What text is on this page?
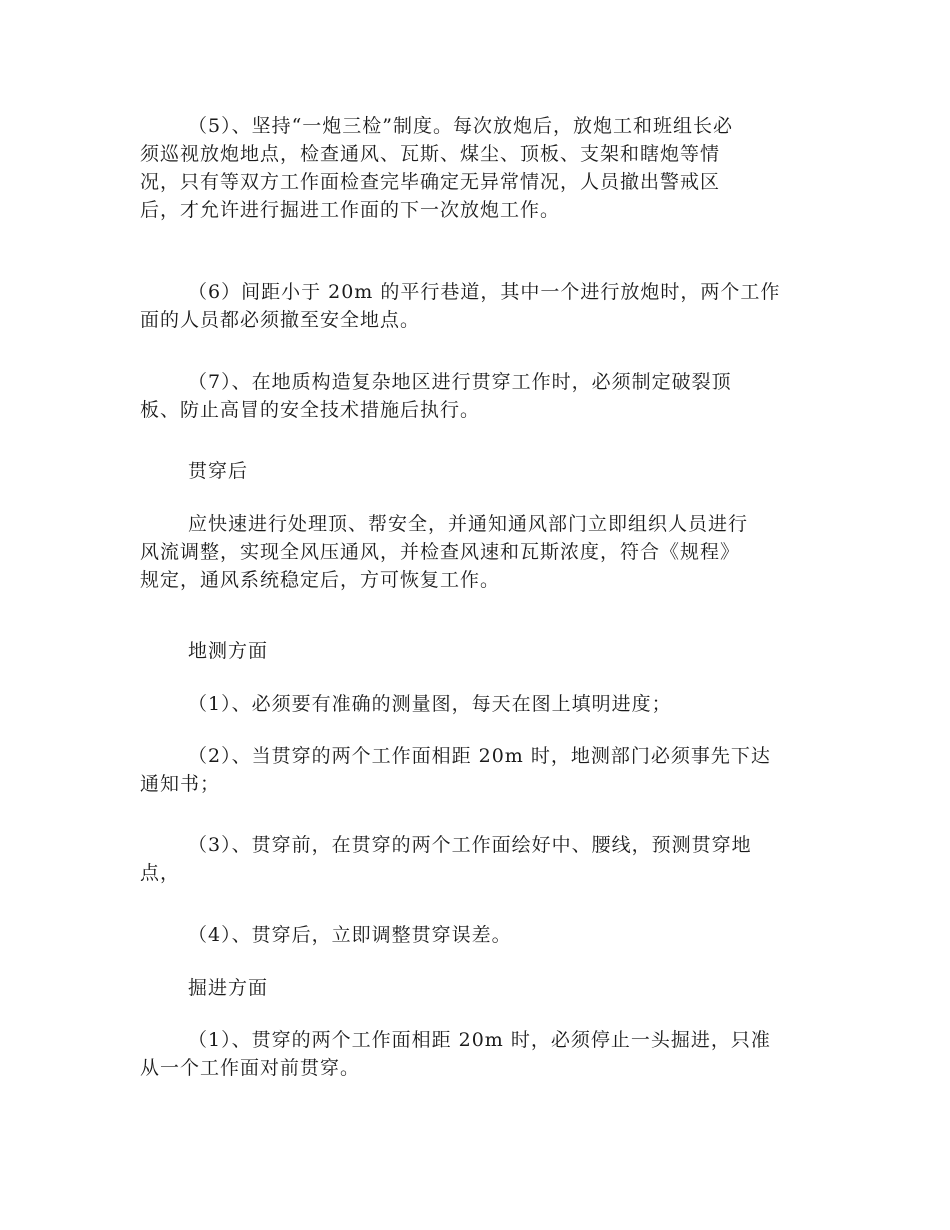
（5）、坚持“一炮三检”制度。每次放炮后，放炮工和班组长必
须巡视放炮地点，检查通风、瓦斯、煤尘、顶板、支架和瞎炮等情
况，只有等双方工作面检查完毕确定无异常情况，人员撤出警戒区
后，才允许进行掘进工作面的下一次放炮工作。

（6）间距小于 20m 的平行巷道，其中一个进行放炮时，两个工作
面的人员都必须撤至安全地点。

（7）、在地质构造复杂地区进行贯穿工作时，必须制定破裂顶
板、防止高冒的安全技术措施后执行。

贯穿后

应快速进行处理顶、帮安全，并通知通风部门立即组织人员进行
风流调整，实现全风压通风，并检查风速和瓦斯浓度，符合《规程》
规定，通风系统稳定后，方可恢复工作。

地测方面

（1）、必须要有准确的测量图，每天在图上填明进度；

（2）、当贯穿的两个工作面相距 20m 时，地测部门必须事先下达
通知书；

（3）、贯穿前，在贯穿的两个工作面绘好中、腰线，预测贯穿地
点，

（4）、贯穿后，立即调整贯穿误差。

掘进方面

（1）、贯穿的两个工作面相距 20m 时，必须停止一头掘进，只准
从一个工作面对前贯穿。
